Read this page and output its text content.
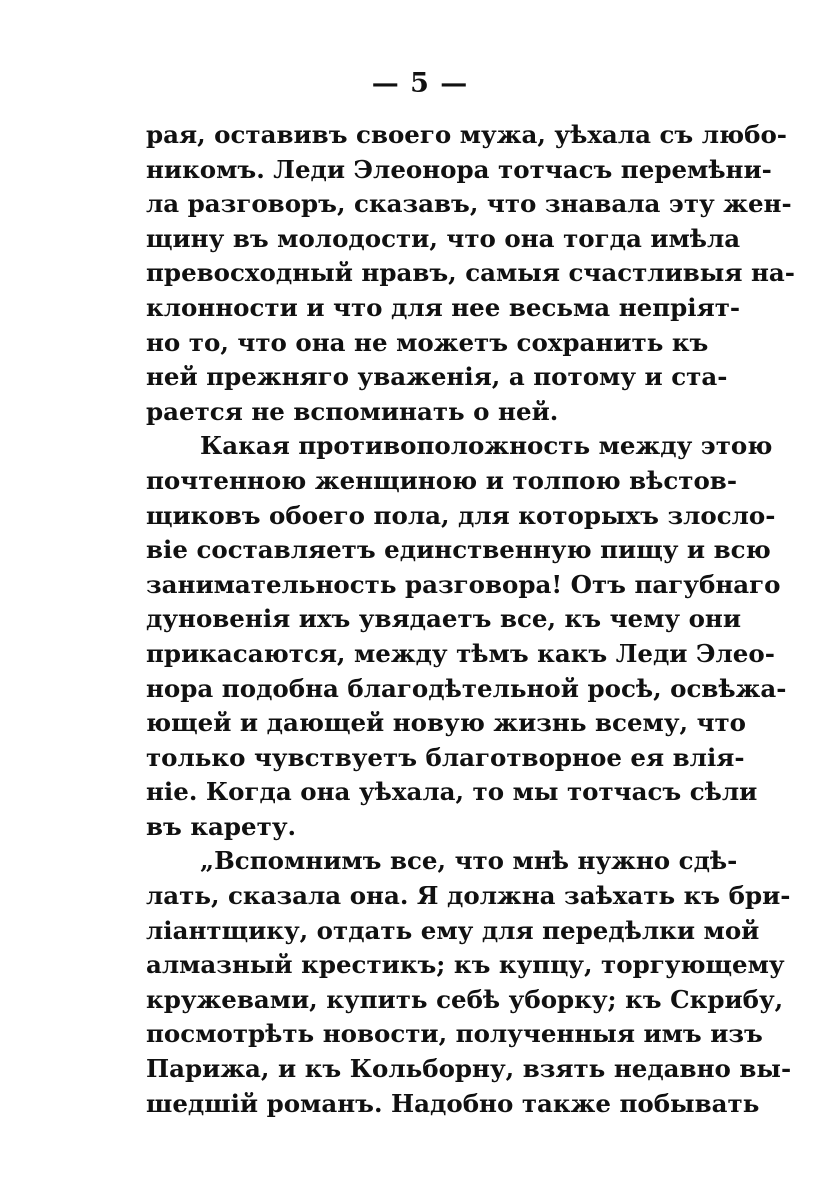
— 5 —
рая, оставивъ своего мужа, уѣхала съ любо-
никомъ. Леди Элеонора тотчасъ перемѣни-
ла разговоръ, сказавъ, что знавала эту жен-
щину въ молодости, что она тогда имѣла
превосходный нравъ, самыя счастливыя на-
клонности и что для нее весьма непріят-
но то, что она не можетъ сохранить къ
ней прежняго уваженія, а потому и ста-
рается не вспоминать о ней.
Какая противоположность между этою
почтенною женщиною и толпою вѣстов-
щиковъ обоего пола, для которыхъ злосло-
віе составляетъ единственную пищу и всю
занимательность разговора! Отъ пагубнаго
дуновенія ихъ увядаетъ все, къ чему они
прикасаются, между тѣмъ какъ Леди Элео-
нора подобна благодѣтельной росѣ, освѣжа-
ющей и дающей новую жизнь всему, что
только чувствуетъ благотворное ея влія-
ніе. Когда она уѣхала, то мы тотчасъ сѣли
въ карету.
„Вспомнимъ все, что мнѣ нужно сдѣ-
лать, сказала она. Я должна заѣхать къ бри-
ліантщику, отдать ему для передѣлки мой
алмазный крестикъ; къ купцу, торгующему
кружевами, купить себѣ уборку; къ Скрибу,
посмотрѣть новости, полученныя имъ изъ
Парижа, и къ Кольборну, взять недавно вы-
шедшій романъ. Надобно также побывать
